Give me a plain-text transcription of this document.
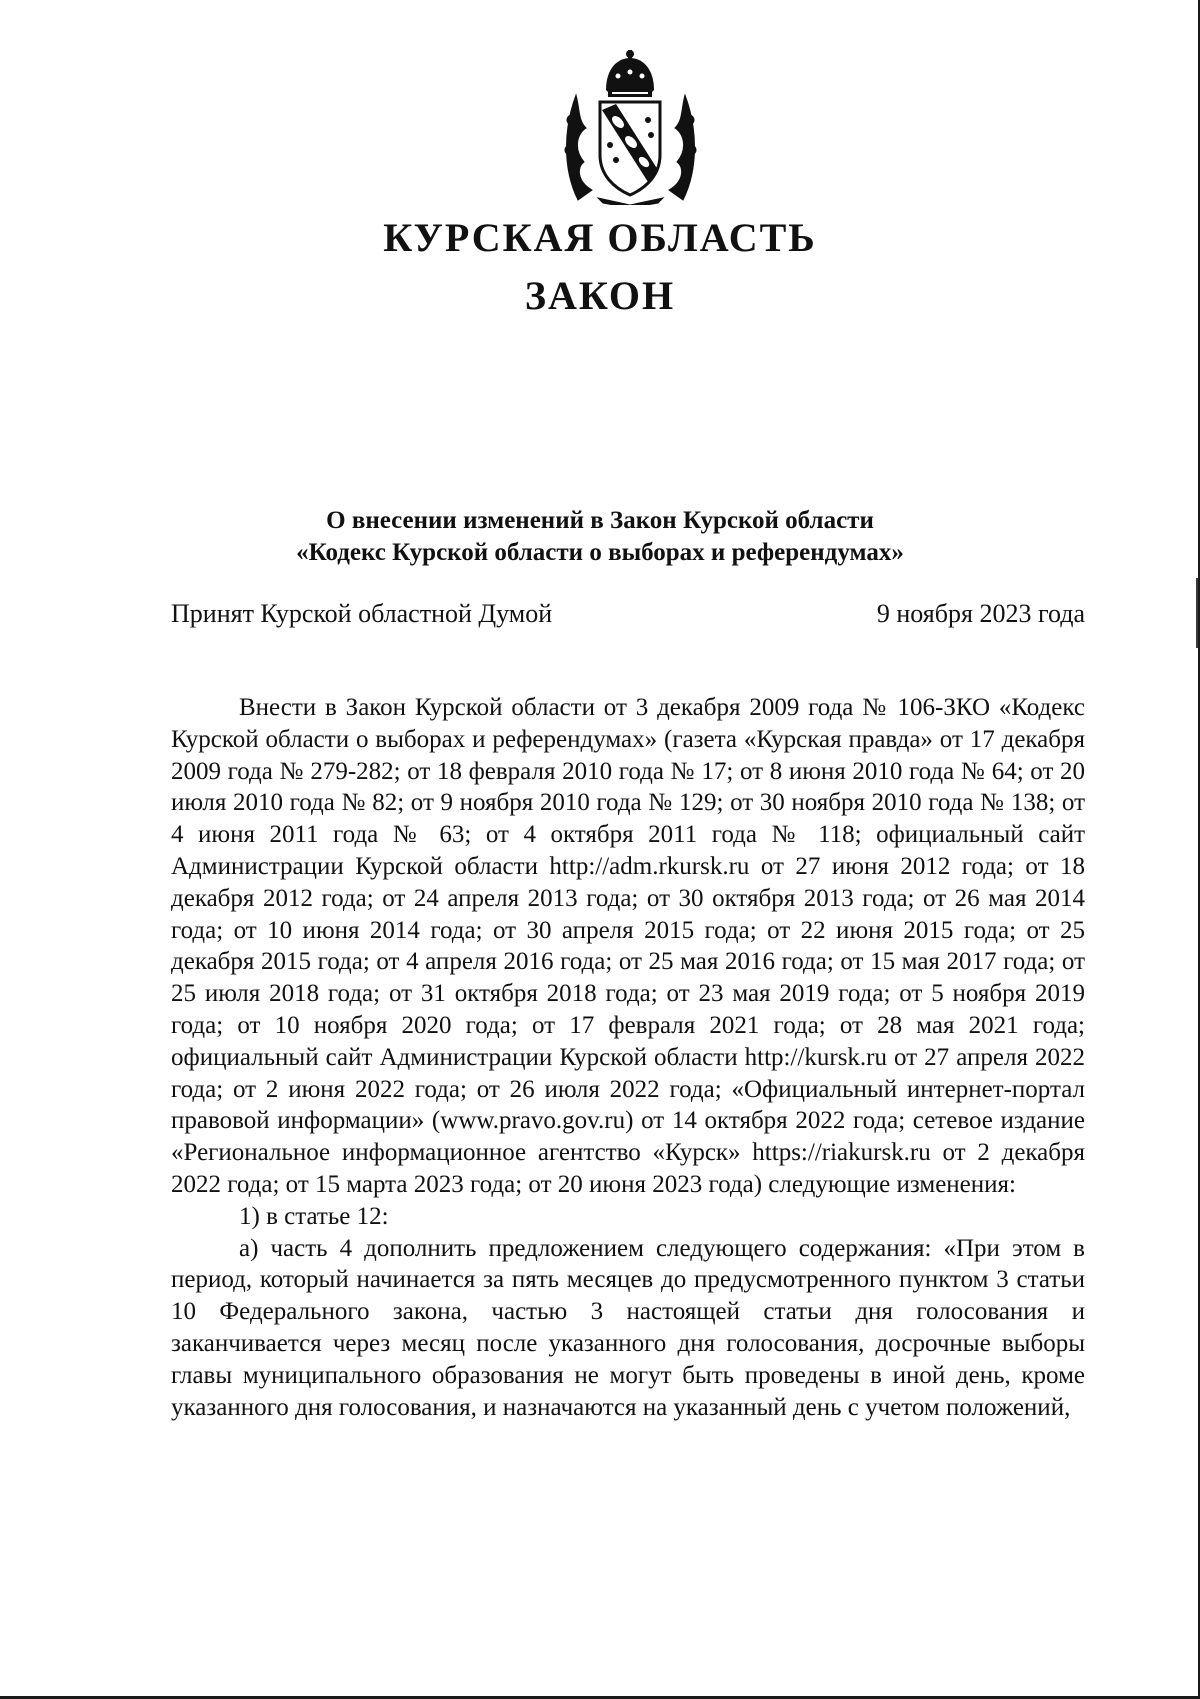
КУРСКАЯ ОБЛАСТЬ
ЗАКОН
О внесении изменений в Закон Курской области
«Кодекс Курской области о выборах и референдумах»
Принят Курской областной Думой	9 ноября 2023 года

Внести в Закон Курской области от 3 декабря 2009 года № 106-ЗКО «Кодекс Курской области о выборах и референдумах» (газета «Курская правда» от 17 декабря 2009 года № 279-282; от 18 февраля 2010 года № 17; от 8 июня 2010 года № 64; от 20 июля 2010 года № 82; от 9 ноября 2010 года № 129; от 30 ноября 2010 года № 138; от 4 июня 2011 года № 63; от 4 октября 2011 года № 118; официальный сайт Администрации Курской области http://adm.rkursk.ru от 27 июня 2012 года; от 18 декабря 2012 года; от 24 апреля 2013 года; от 30 октября 2013 года; от 26 мая 2014 года; от 10 июня 2014 года; от 30 апреля 2015 года; от 22 июня 2015 года; от 25 декабря 2015 года; от 4 апреля 2016 года; от 25 мая 2016 года; от 15 мая 2017 года; от 25 июля 2018 года; от 31 октября 2018 года; от 23 мая 2019 года; от 5 ноября 2019 года; от 10 ноября 2020 года; от 17 февраля 2021 года; от 28 мая 2021 года; официальный сайт Администрации Курской области http://kursk.ru от 27 апреля 2022 года; от 2 июня 2022 года; от 26 июля 2022 года; «Официальный интернет-портал правовой информации» (www.pravo.gov.ru) от 14 октября 2022 года; сетевое издание «Региональное информационное агентство «Курск» https://riakursk.ru от 2 декабря 2022 года; от 15 марта 2023 года; от 20 июня 2023 года) следующие изменения:

1) в статье 12:

а) часть 4 дополнить предложением следующего содержания: «При этом в период, который начинается за пять месяцев до предусмотренного пунктом 3 статьи 10 Федерального закона, частью 3 настоящей статьи дня голосования и заканчивается через месяц после указанного дня голосования, досрочные выборы главы муниципального образования не могут быть проведены в иной день, кроме указанного дня голосования, и назначаются на указанный день с учетом положений,
